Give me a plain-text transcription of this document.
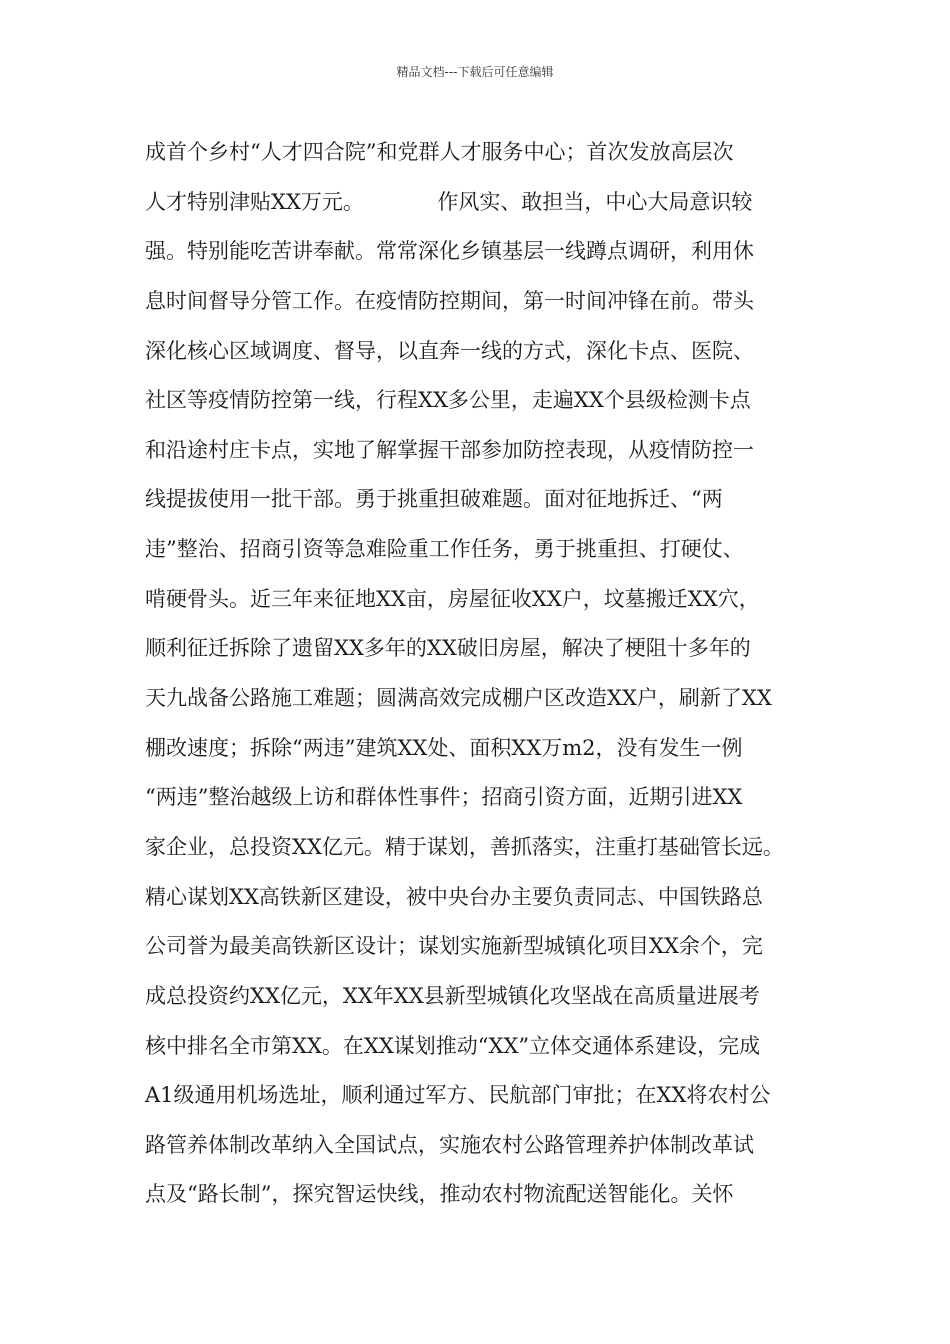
精品文档---下载后可任意编辑
成首个乡村“人才四合院”和党群人才服务中心；首次发放高层次
人才特别津贴XX万元。           作风实、敢担当，中心大局意识较
强。特别能吃苦讲奉献。常常深化乡镇基层一线蹲点调研，利用休
息时间督导分管工作。在疫情防控期间，第一时间冲锋在前。带头
深化核心区域调度、督导，以直奔一线的方式，深化卡点、医院、
社区等疫情防控第一线，行程XX多公里，走遍XX个县级检测卡点
和沿途村庄卡点，实地了解掌握干部参加防控表现，从疫情防控一
线提拔使用一批干部。勇于挑重担破难题。面对征地拆迁、“两
违”整治、招商引资等急难险重工作任务，勇于挑重担、打硬仗、
啃硬骨头。近三年来征地XX亩，房屋征收XX户，坟墓搬迁XX穴，
顺利征迁拆除了遗留XX多年的XX破旧房屋，解决了梗阻十多年的
天九战备公路施工难题；圆满高效完成棚户区改造XX户，刷新了XX
棚改速度；拆除“两违”建筑XX处、面积XX万m2，没有发生一例
“两违”整治越级上访和群体性事件；招商引资方面，近期引进XX
家企业，总投资XX亿元。精于谋划，善抓落实，注重打基础管长远。
精心谋划XX高铁新区建设，被中央台办主要负责同志、中国铁路总
公司誉为最美高铁新区设计；谋划实施新型城镇化项目XX余个，完
成总投资约XX亿元，XX年XX县新型城镇化攻坚战在高质量进展考
核中排名全市第XX。在XX谋划推动“XX”立体交通体系建设，完成
A1级通用机场选址，顺利通过军方、民航部门审批；在XX将农村公
路管养体制改革纳入全国试点，实施农村公路管理养护体制改革试
点及“路长制”，探究智运快线，推动农村物流配送智能化。关怀
